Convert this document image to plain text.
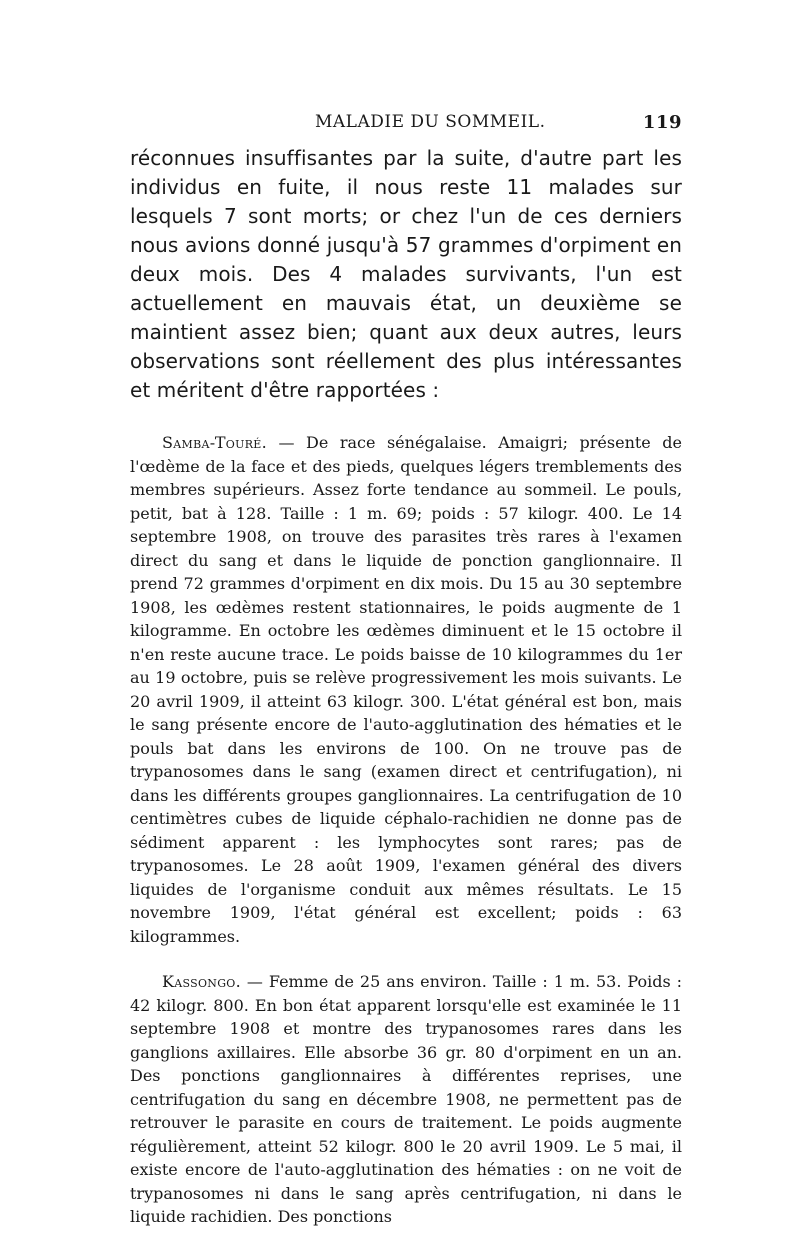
MALADIE DU SOMMEIL.	119

réconnues insuffisantes par la suite, d'autre part les individus en fuite, il nous reste 11 malades sur lesquels 7 sont morts; or chez l'un de ces derniers nous avions donné jusqu'à 57 grammes d'orpiment en deux mois. Des 4 malades survivants, l'un est actuellement en mauvais état, un deuxième se maintient assez bien; quant aux deux autres, leurs observations sont réellement des plus intéressantes et méritent d'être rapportées :

Samba-Touré. — De race sénégalaise. Amaigri; présente de l'œdème de la face et des pieds, quelques légers tremblements des membres supérieurs. Assez forte tendance au sommeil. Le pouls, petit, bat à 128. Taille : 1 m. 69; poids : 57 kilogr. 400. Le 14 septembre 1908, on trouve des parasites très rares à l'examen direct du sang et dans le liquide de ponction ganglionnaire. Il prend 72 grammes d'orpiment en dix mois. Du 15 au 30 septembre 1908, les œdèmes restent stationnaires, le poids augmente de 1 kilogramme. En octobre les œdèmes diminuent et le 15 octobre il n'en reste aucune trace. Le poids baisse de 10 kilogrammes du 1er au 19 octobre, puis se relève progressivement les mois suivants. Le 20 avril 1909, il atteint 63 kilogr. 300. L'état général est bon, mais le sang présente encore de l'auto-agglutination des hématies et le pouls bat dans les environs de 100. On ne trouve pas de trypanosomes dans le sang (examen direct et centrifugation), ni dans les différents groupes ganglionnaires. La centrifugation de 10 centimètres cubes de liquide céphalo-rachidien ne donne pas de sédiment apparent : les lymphocytes sont rares; pas de trypanosomes. Le 28 août 1909, l'examen général des divers liquides de l'organisme conduit aux mêmes résultats. Le 15 novembre 1909, l'état général est excellent; poids : 63 kilogrammes.

Kassongo. — Femme de 25 ans environ. Taille : 1 m. 53. Poids : 42 kilogr. 800. En bon état apparent lorsqu'elle est examinée le 11 septembre 1908 et montre des trypanosomes rares dans les ganglions axillaires. Elle absorbe 36 gr. 80 d'orpiment en un an. Des ponctions ganglionnaires à différentes reprises, une centrifugation du sang en décembre 1908, ne permettent pas de retrouver le parasite en cours de traitement. Le poids augmente régulièrement, atteint 52 kilogr. 800 le 20 avril 1909. Le 5 mai, il existe encore de l'auto-agglutination des hématies : on ne voit de trypanosomes ni dans le sang après centrifugation, ni dans le liquide rachidien. Des ponctions
